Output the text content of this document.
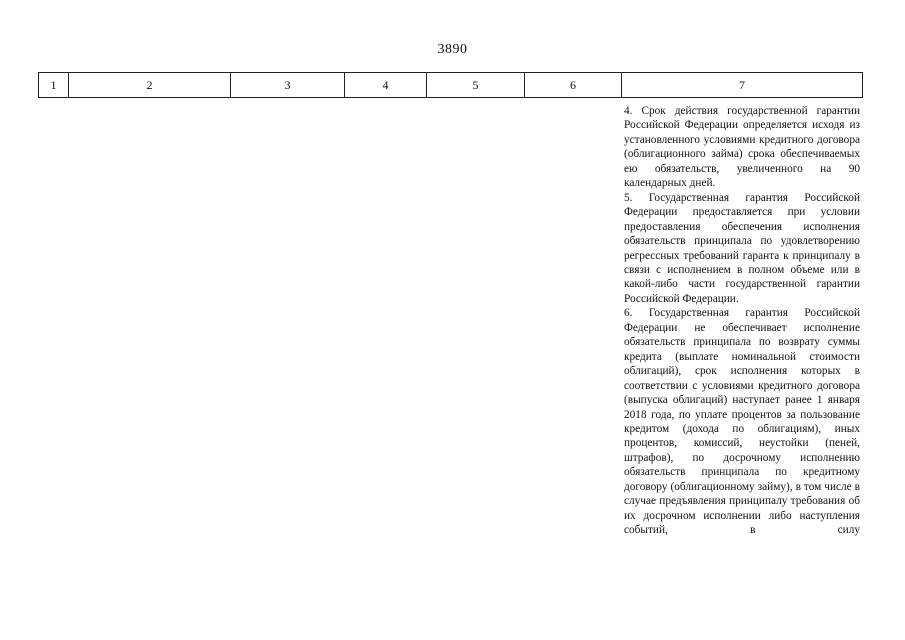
3890
1	2	3	4	5	6	7

4. Срок действия государственной гарантии Российской Федерации определяется исходя из установленного условиями кредитного договора (облигационного займа) срока обеспечиваемых ею обязательств, увеличенного на 90 календарных дней.

5. Государственная гарантия Российской Федерации предоставляется при условии предоставления обеспечения исполнения обязательств принципала по удовлетворению регрессных требований гаранта к принципалу в связи с исполнением в полном объеме или в какой-либо части государственной гарантии Российской Федерации.

6. Государственная гарантия Российской Федерации не обеспечивает исполнение обязательств принципала по возврату суммы кредита (выплате номинальной стоимости облигаций), срок исполнения которых в соответствии с условиями кредитного договора (выпуска облигаций) наступает ранее 1 января 2018 года, по уплате процентов за пользование кредитом (дохода по облигациям), иных процентов, комиссий, неустойки (пеней, штрафов), по досрочному исполнению обязательств принципала по кредитному договору (облигационному займу), в том числе в случае предъявления принципалу требования об их досрочном исполнении либо наступления событий, в силу
